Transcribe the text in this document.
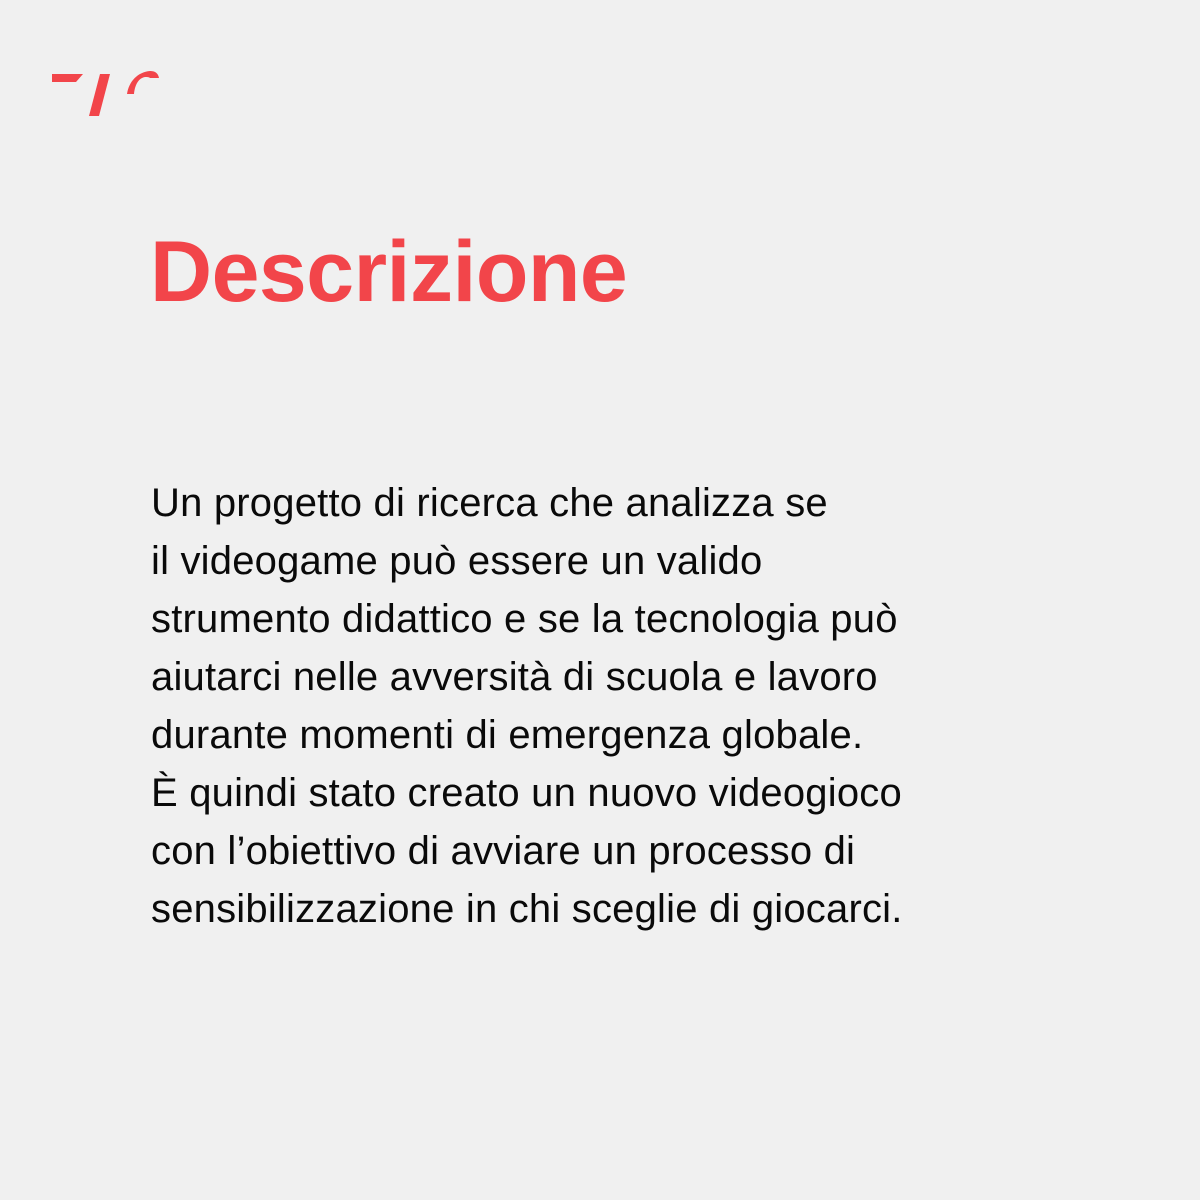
Descrizione
Un progetto di ricerca che analizza se
il videogame può essere un valido
strumento didattico e se la tecnologia può
aiutarci nelle avversità di scuola e lavoro
durante momenti di emergenza globale.
È quindi stato creato un nuovo videogioco
con l’obiettivo di avviare un processo di
sensibilizzazione in chi sceglie di giocarci.
